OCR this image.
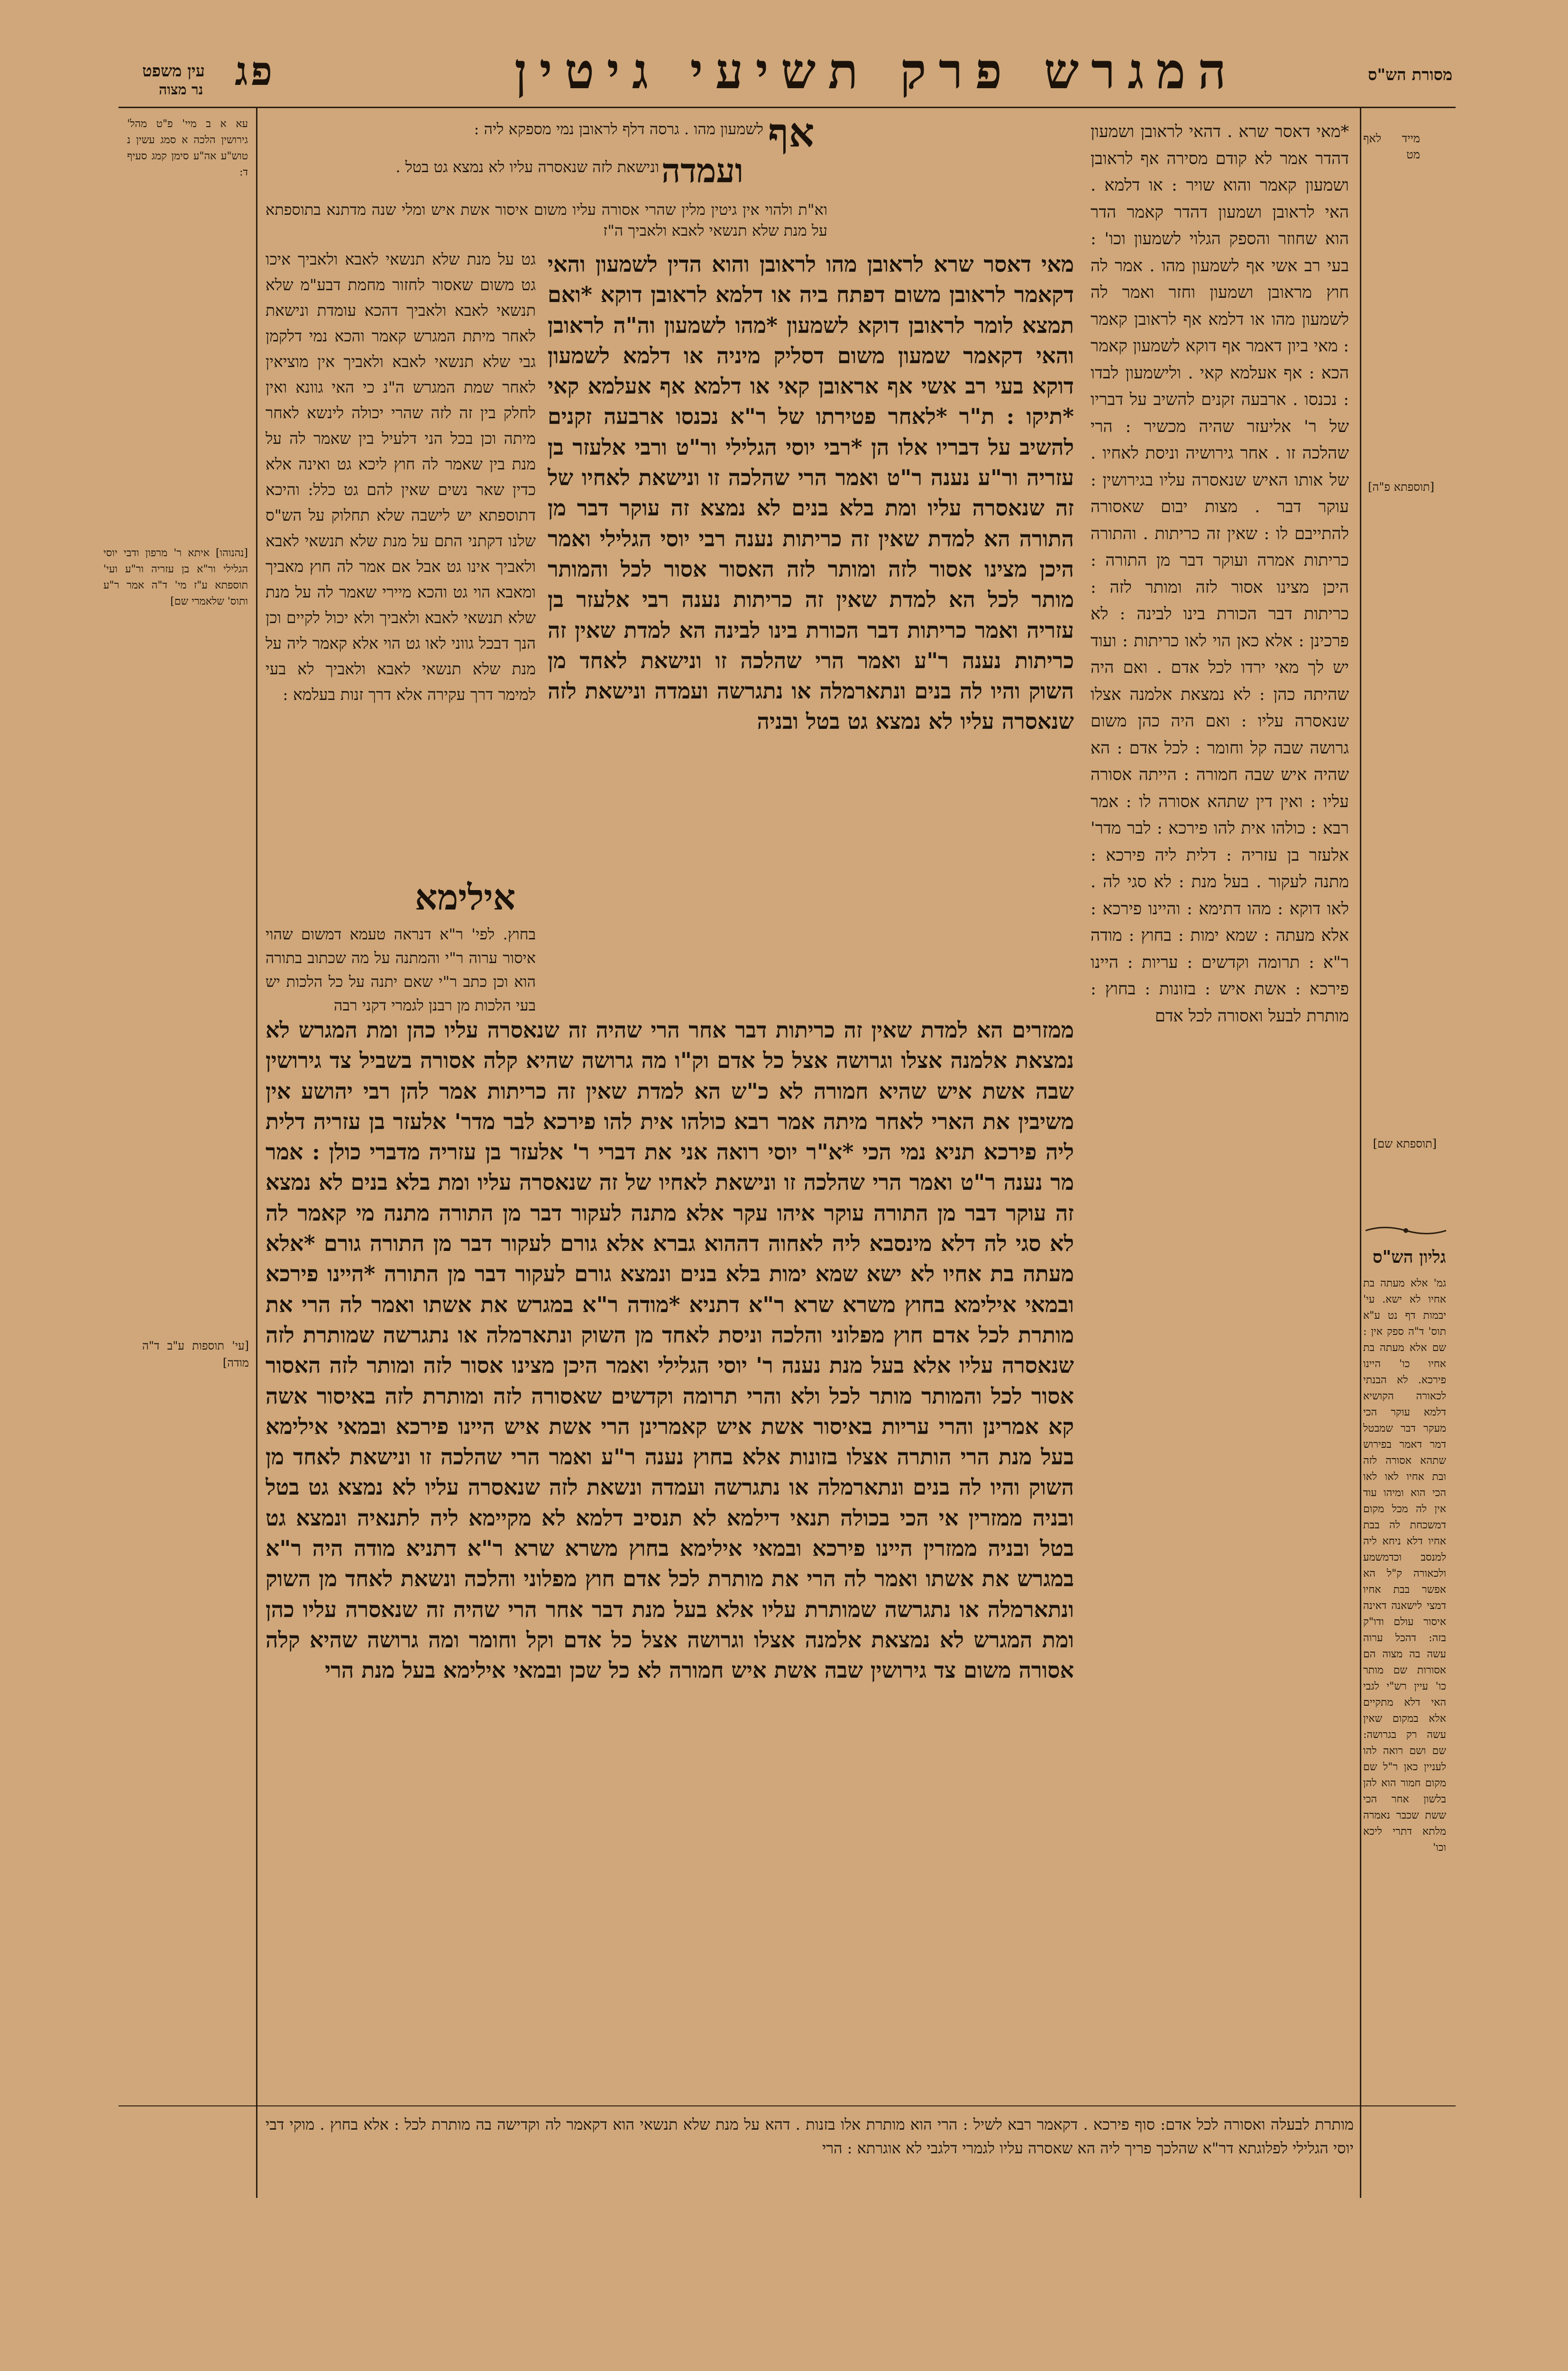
פג	המגרש פרק תשיעי גיטין
עין משפט
נר מצוה
מסורת הש"ס
עא א ב מיי' פ"ט מהל' גירושין הלכה א סמג עשין נ טוש"ע אה"ע סימן קמג סעיף ד:
[נהנוהו] איתא ר' מרפון ודבי יוסי הגלילי ור"א בן עזריה ור"ע ועי' תוספתא ע"ז מי' ד"ה אמר ר"ע ותוס' שלאמרי שם]
[עי' תוספות ע"ב ד"ה מודה]
אף
ועמדה
לשמעון מהו . גרסה דלף לראובן נמי מספקא ליה :
ונישאת לזה שנאסרה עליו לא נמצא גט בטל .
וא"ת ולהוי אין גיטין מלין שהרי אסורה עליו משום איסור אשת איש ומלי שנה מדתנא בתוספתא על מנת שלא תנשאי לאבא ולאביך ה"ז
*מאי דאסר שרא . דהאי לראובן ושמעון דהדר אמר לא קודם מסירה אף לראובן ושמעון קאמר והוא שויר : או דלמא . האי לראובן ושמעון דהדר קאמר הדר הוא שחוזר והספק הגלוי לשמעון וכו' : בעי רב אשי אף לשמעון מהו . אמר לה חוץ מראובן ושמעון וחזר ואמר לה לשמעון מהו או דלמא אף לראובן קאמר : מאי ביון דאמר אף דוקא לשמעון קאמר הכא : אף אעלמא קאי . ולישמעון לבדו : נכנסו . ארבעה זקנים להשיב על דבריו של ר' אליעזר שהיה מכשיר : הרי שהלכה זו . אחר גירושיה וניסת לאחיו . של אותו האיש שנאסרה עליו בגירושין : עוקר דבר . מצות יבום שאסורה להתייבם לו : שאין זה כריתות . והתורה כריתות אמרה ועוקר דבר מן התורה : היכן מצינו אסור לזה ומותר לזה : כריתות דבר הכורת בינו לבינה : לא פרכינן : אלא כאן הוי לאו כריתות : ועוד יש לך מאי ירדו לכל אדם . ואם היה שהיתה כהן : לא נמצאת אלמנה אצלו שנאסרה עליו : ואם היה כהן משום גרושה שבה קל וחומר : לכל אדם : הא שהיה איש שבה חמורה : הייתה אסורה עליו : ואין דין שתהא אסורה לו : אמר רבא : כולהו אית להו פירכא : לבר מדר' אלעזר בן עזריה : דלית ליה פירכא : מתנה לעקור . בעל מנת : לא סגי לה . לאו דוקא : מהו דתימא : והיינו פירכא : אלא מעתה : שמא ימות : בחוץ : מודה ר"א : תרומה וקדשים : עריות : היינו פירכא : אשת איש : בזונות : בחוץ : מותרת לבעל ואסורה לכל אדם
גט על מנת שלא תנשאי לאבא ולאביך איכו גט משום שאסור לחזור מחמת דבע"מ שלא תנשאי לאבא ולאביך דהכא עומדת ונישאת לאחר מיתת המגרש קאמר והכא נמי דלקמן גבי שלא תנשאי לאבא ולאביך אין מוציאין לאחר שמת המגרש ה"נ כי האי גוונא ואין לחלק בין זה לזה שהרי יכולה לינשא לאחר מיתה וכן בכל הני דלעיל בין שאמר לה על מנת בין שאמר לה חוץ ליכא גט ואינה אלא כדין שאר נשים שאין להם גט כלל: והיכא דתוספתא יש לישבה שלא תחלוק על הש"ס שלנו דקתני התם על מנת שלא תנשאי לאבא ולאביך אינו גט אבל אם אמר לה חוץ מאביך ומאבא הוי גט והכא מיירי שאמר לה על מנת שלא תנשאי לאבא ולאביך ולא יכול לקיים וכן הנך דבכל גווני לאו גט הוי אלא קאמר ליה על מנת שלא תנשאי לאבא ולאביך לא בעי למימר דרך עקירה אלא דרך זנות בעלמא :
אילימא
בחוץ. לפי' ר"א דנראה טעמא דמשום שהוי איסור ערוה ר"י והמתנה על מה שכתוב בתורה הוא וכן כתב ר"י שאם יתנה על כל הלכות יש בעי הלכות מן רבנן לגמרי דקני רבה
מאי דאסר שרא לראובן מהו לראובן והוא הדין לשמעון והאי דקאמר לראובן משום דפתח ביה או דלמא לראובן דוקא *ואם תמצא לומר לראובן דוקא לשמעון *מהו לשמעון וה"ה לראובן והאי דקאמר שמעון משום דסליק מיניה או דלמא לשמעון דוקא בעי רב אשי אף אראובן קאי או דלמא אף אעלמא קאי *תיקו : ת"ר *לאחר פטירתו של ר"א נכנסו ארבעה זקנים להשיב על דבריו אלו הן *רבי יוסי הגלילי ור"ט ורבי אלעזר בן עזריה ור"ע נענה ר"ט ואמר הרי שהלכה זו ונישאת לאחיו של זה שנאסרה עליו ומת בלא בנים לא נמצא זה עוקר דבר מן התורה הא למדת שאין זה כריתות נענה רבי יוסי הגלילי ואמר היכן מצינו אסור לזה ומותר לזה האסור אסור לכל והמותר מותר לכל הא למדת שאין זה כריתות נענה רבי אלעזר בן עזריה ואמר כריתות דבר הכורת בינו לבינה הא למדת שאין זה כריתות נענה ר"ע ואמר הרי שהלכה זו ונישאת לאחד מן השוק והיו לה בנים ונתארמלה או נתגרשה ועמדה ונישאת לזה שנאסרה עליו לא נמצא גט בטל ובניה
ממזרים הא למדת שאין זה כריתות דבר אחר הרי שהיה זה שנאסרה עליו כהן ומת המגרש לא נמצאת אלמנה אצלו וגרושה אצל כל אדם וק"ו מה גרושה שהיא קלה אסורה בשביל צד גירושין שבה אשת איש שהיא חמורה לא כ"ש הא למדת שאין זה כריתות אמר להן רבי יהושע אין משיבין את הארי לאחר מיתה אמר רבא כולהו אית להו פירכא לבר מדר' אלעזר בן עזריה דלית ליה פירכא תניא נמי הכי *א"ר יוסי רואה אני את דברי ר' אלעזר בן עזריה מדברי כולן : אמר מר נענה ר"ט ואמר הרי שהלכה זו ונישאת לאחיו של זה שנאסרה עליו ומת בלא בנים לא נמצא זה עוקר דבר מן התורה עוקר איהו עקר אלא מתנה לעקור דבר מן התורה מתנה מי קאמר לה לא סגי לה דלא מינסבא ליה לאחוה דההוא גברא אלא גורם לעקור דבר מן התורה גורם *אלא מעתה בת אחיו לא ישא שמא ימות בלא בנים ונמצא גורם לעקור דבר מן התורה *היינו פירכא ובמאי אילימא בחוץ משרא שרא ר"א דתניא *מודה ר"א במגרש את אשתו ואמר לה הרי את מותרת לכל אדם חוץ מפלוני והלכה וניסת לאחד מן השוק ונתארמלה או נתגרשה שמותרת לזה שנאסרה עליו אלא בעל מנת נענה ר' יוסי הגלילי ואמר היכן מצינו אסור לזה ומותר לזה האסור אסור לכל והמותר מותר לכל ולא והרי תרומה וקדשים שאסורה לזה ומותרת לזה באיסור אשה קא אמרינן והרי עריות באיסור אשת איש קאמרינן הרי אשת איש היינו פירכא ובמאי אילימא בעל מנת הרי הותרה אצלו בזונות אלא בחוץ נענה ר"ע ואמר הרי שהלכה זו ונישאת לאחד מן השוק והיו לה בנים ונתארמלה או נתגרשה ועמדה ונשאת לזה שנאסרה עליו לא נמצא גט בטל ובניה ממזרין אי הכי בכולה תנאי דילמא לא תנסיב דלמא לא מקיימא ליה לתנאיה ונמצא גט בטל ובניה ממזרין היינו פירכא ובמאי אילימא בחוץ משרא שרא ר"א דתניא מודה היה ר"א במגרש את אשתו ואמר לה הרי את מותרת לכל אדם חוץ מפלוני והלכה ונשאת לאחד מן השוק ונתארמלה או נתגרשה שמותרת עליו אלא בעל מנת דבר אחר הרי שהיה זה שנאסרה עליו כהן ומת המגרש לא נמצאת אלמנה אצלו וגרושה אצל כל אדם וקל וחומר ומה גרושה שהיא קלה אסורה משום צד גירושין שבה אשת איש חמורה לא כל שכן ובמאי אילימא בעל מנת הרי
מותרת לבעלה ואסורה לכל אדם: סוף פירכא . דקאמר רבא לשיל : הרי הוא מותרת אלו בזנות . דהא על מנת שלא תנשאי הוא דקאמר לה וקדישה בה מותרת לכל : אלא בחוץ . מוקי דבי יוסי הגלילי לפלוגתא דר"א שהלכך פריך ליה הא שאסרה עליו לגמרי דלגבי לא אוגרתא : הרי
מייד לאף מט
[תוספתא פ"ה]
[תוספתא שם]
גליון הש"ס
גמ' אלא מעתה בת אחיו לא ישא. עי' יבמות דף נט ע"א תוס' ד"ה ספק אין : שם אלא מעתה בת אחיו כו' היינו פירכא. לא הבנתי לכאורה הקושיא דלמא עוקר הכי מעקר דבר שמבטל דמר דאמר בפירוש שתהא אסורה לזה ובת אחיו לאו לאו הכי הוא ומיהו עוד אין לה מכל מקום דמשכחת לה בבת אחיו דלא ניחא ליה למנסב וכדמשמע ולכאורה ק"ל הא אפשר בבת אחיו דמצי לישאנה דאינה איסור עולם ודו"ק בזה: דהכל ערוה עשה בה מצוה הם אסורות שם מותר כו' עיין רש"י לגבי האי דלא מתקיים אלא במקום שאין עשה רק בגרושה: שם ושם רואה להו לעניין כאן ר"ל שם מקום חמור הוא להן בלשון אחר הכי ששת שכבר נאמרה מלתא דתרי ליכא וכו'
